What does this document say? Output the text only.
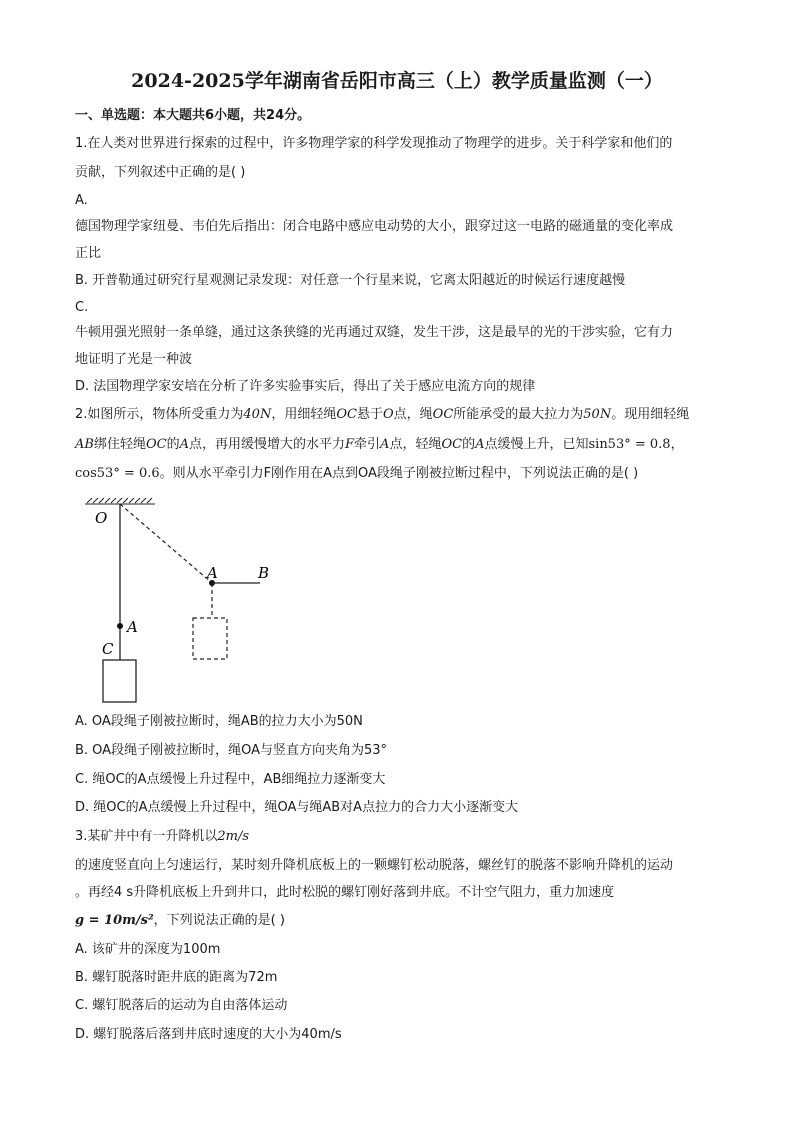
2024-2025学年湖南省岳阳市高三（上）教学质量监测（一）
一、单选题：本大题共6小题，共24分。
1.在人类对世界进行探索的过程中，许多物理学家的科学发现推动了物理学的进步。关于科学家和他们的
贡献，下列叙述中正确的是( )
A.
德国物理学家纽曼、韦伯先后指出：闭合电路中感应电动势的大小，跟穿过这一电路的磁通量的变化率成
正比
B. 开普勒通过研究行星观测记录发现：对任意一个行星来说，它离太阳越近的时候运行速度越慢
C.
牛顿用强光照射一条单缝，通过这条狭缝的光再通过双缝，发生干涉，这是最早的光的干涉实验，它有力
地证明了光是一种波
D. 法国物理学家安培在分析了许多实验事实后，得出了关于感应电流方向的规律
2.如图所示，物体所受重力为40N，用细轻绳OC悬于O点，绳OC所能承受的最大拉力为50N。现用细轻绳
AB绑住轻绳OC的A点，再用缓慢增大的水平力F牵引A点，轻绳OC的A点缓慢上升，已知sin53° = 0.8，
cos53° = 0.6。则从水平牵引力F刚作用在A点到OA段绳子刚被拉断过程中，下列说法正确的是( )
O
A
C
A	B
A. OA段绳子刚被拉断时，绳AB的拉力大小为50N
B. OA段绳子刚被拉断时，绳OA与竖直方向夹角为53°
C. 绳OC的A点缓慢上升过程中，AB细绳拉力逐渐变大
D. 绳OC的A点缓慢上升过程中，绳OA与绳AB对A点拉力的合力大小逐渐变大
3.某矿井中有一升降机以2m/s
的速度竖直向上匀速运行，某时刻升降机底板上的一颗螺钉松动脱落，螺丝钉的脱落不影响升降机的运动
。再经4 s升降机底板上升到井口，此时松脱的螺钉刚好落到井底。不计空气阻力，重力加速度
g = 10m/s²，下列说法正确的是( )
A. 该矿井的深度为100m
B. 螺钉脱落时距井底的距离为72m
C. 螺钉脱落后的运动为自由落体运动
D. 螺钉脱落后落到井底时速度的大小为40m/s
